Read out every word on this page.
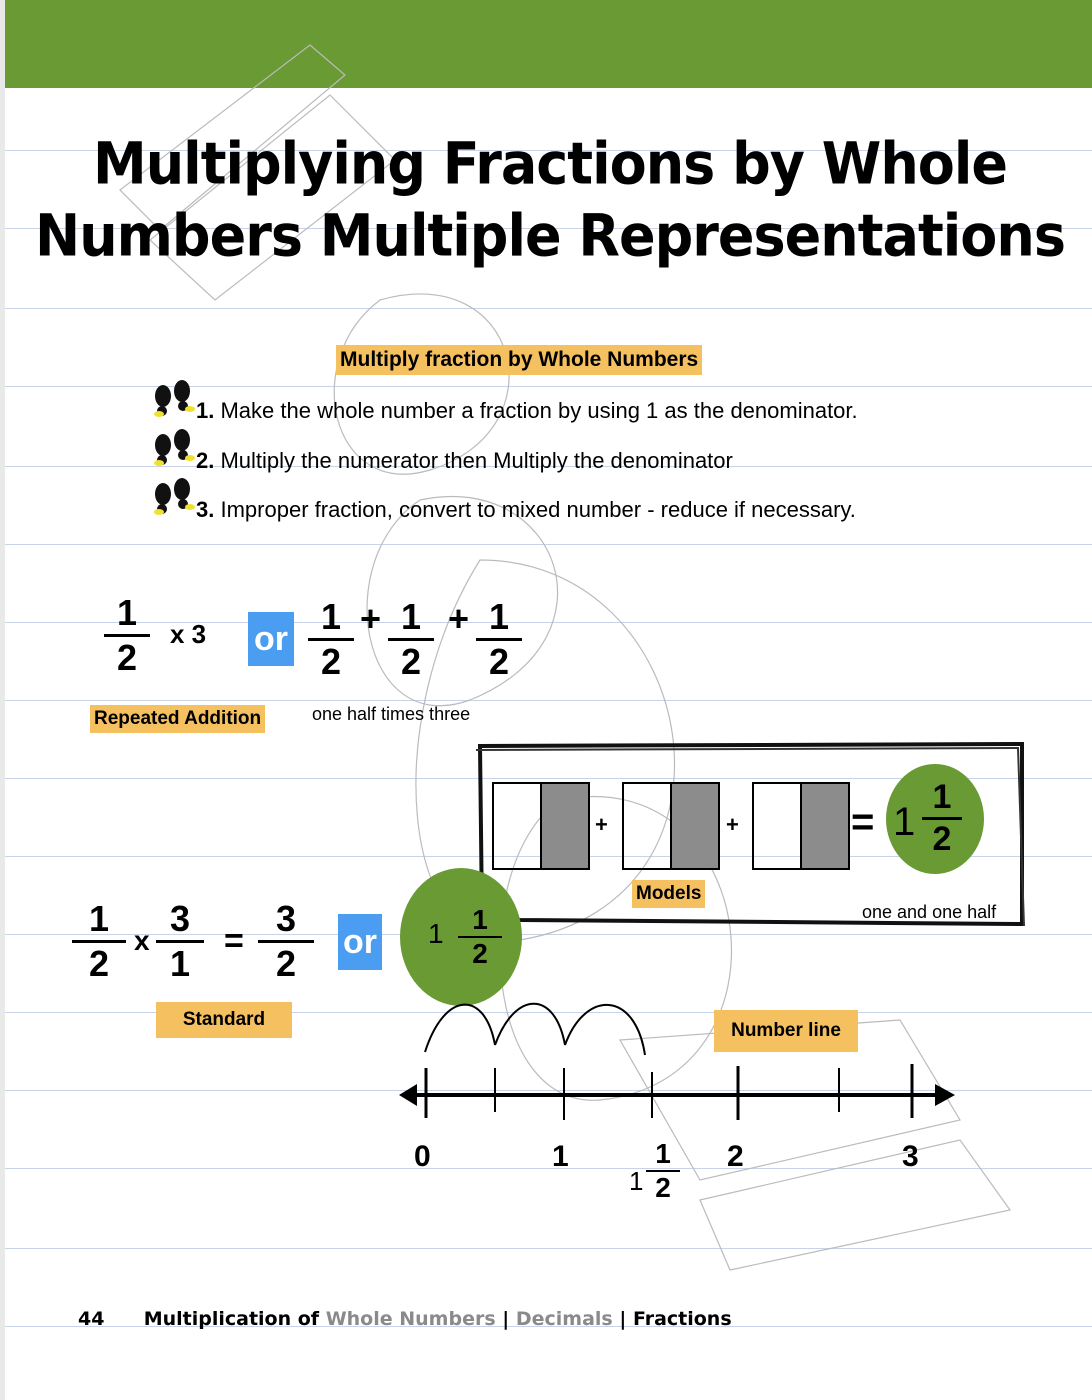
Multiplying Fractions by Whole
Numbers Multiple Representations
Multiply fraction by Whole Numbers
1. Make the whole number a fraction by using 1 as the denominator.
2. Multiply the numerator then Multiply the denominator
3. Improper fraction, convert to mixed number - reduce if necessary.
1
2
x 3 or
1
2
+ 1
2
+ 1
2
Repeated Addition	one half times three
+	+	= 1
1
2
Models
one and one half
1
2
x
3
1
=
3
2
or 1	1
2
Standard
Number line
0	1	2	3
1
1
2
44 Multiplication of Whole Numbers | Decimals | Fractions
